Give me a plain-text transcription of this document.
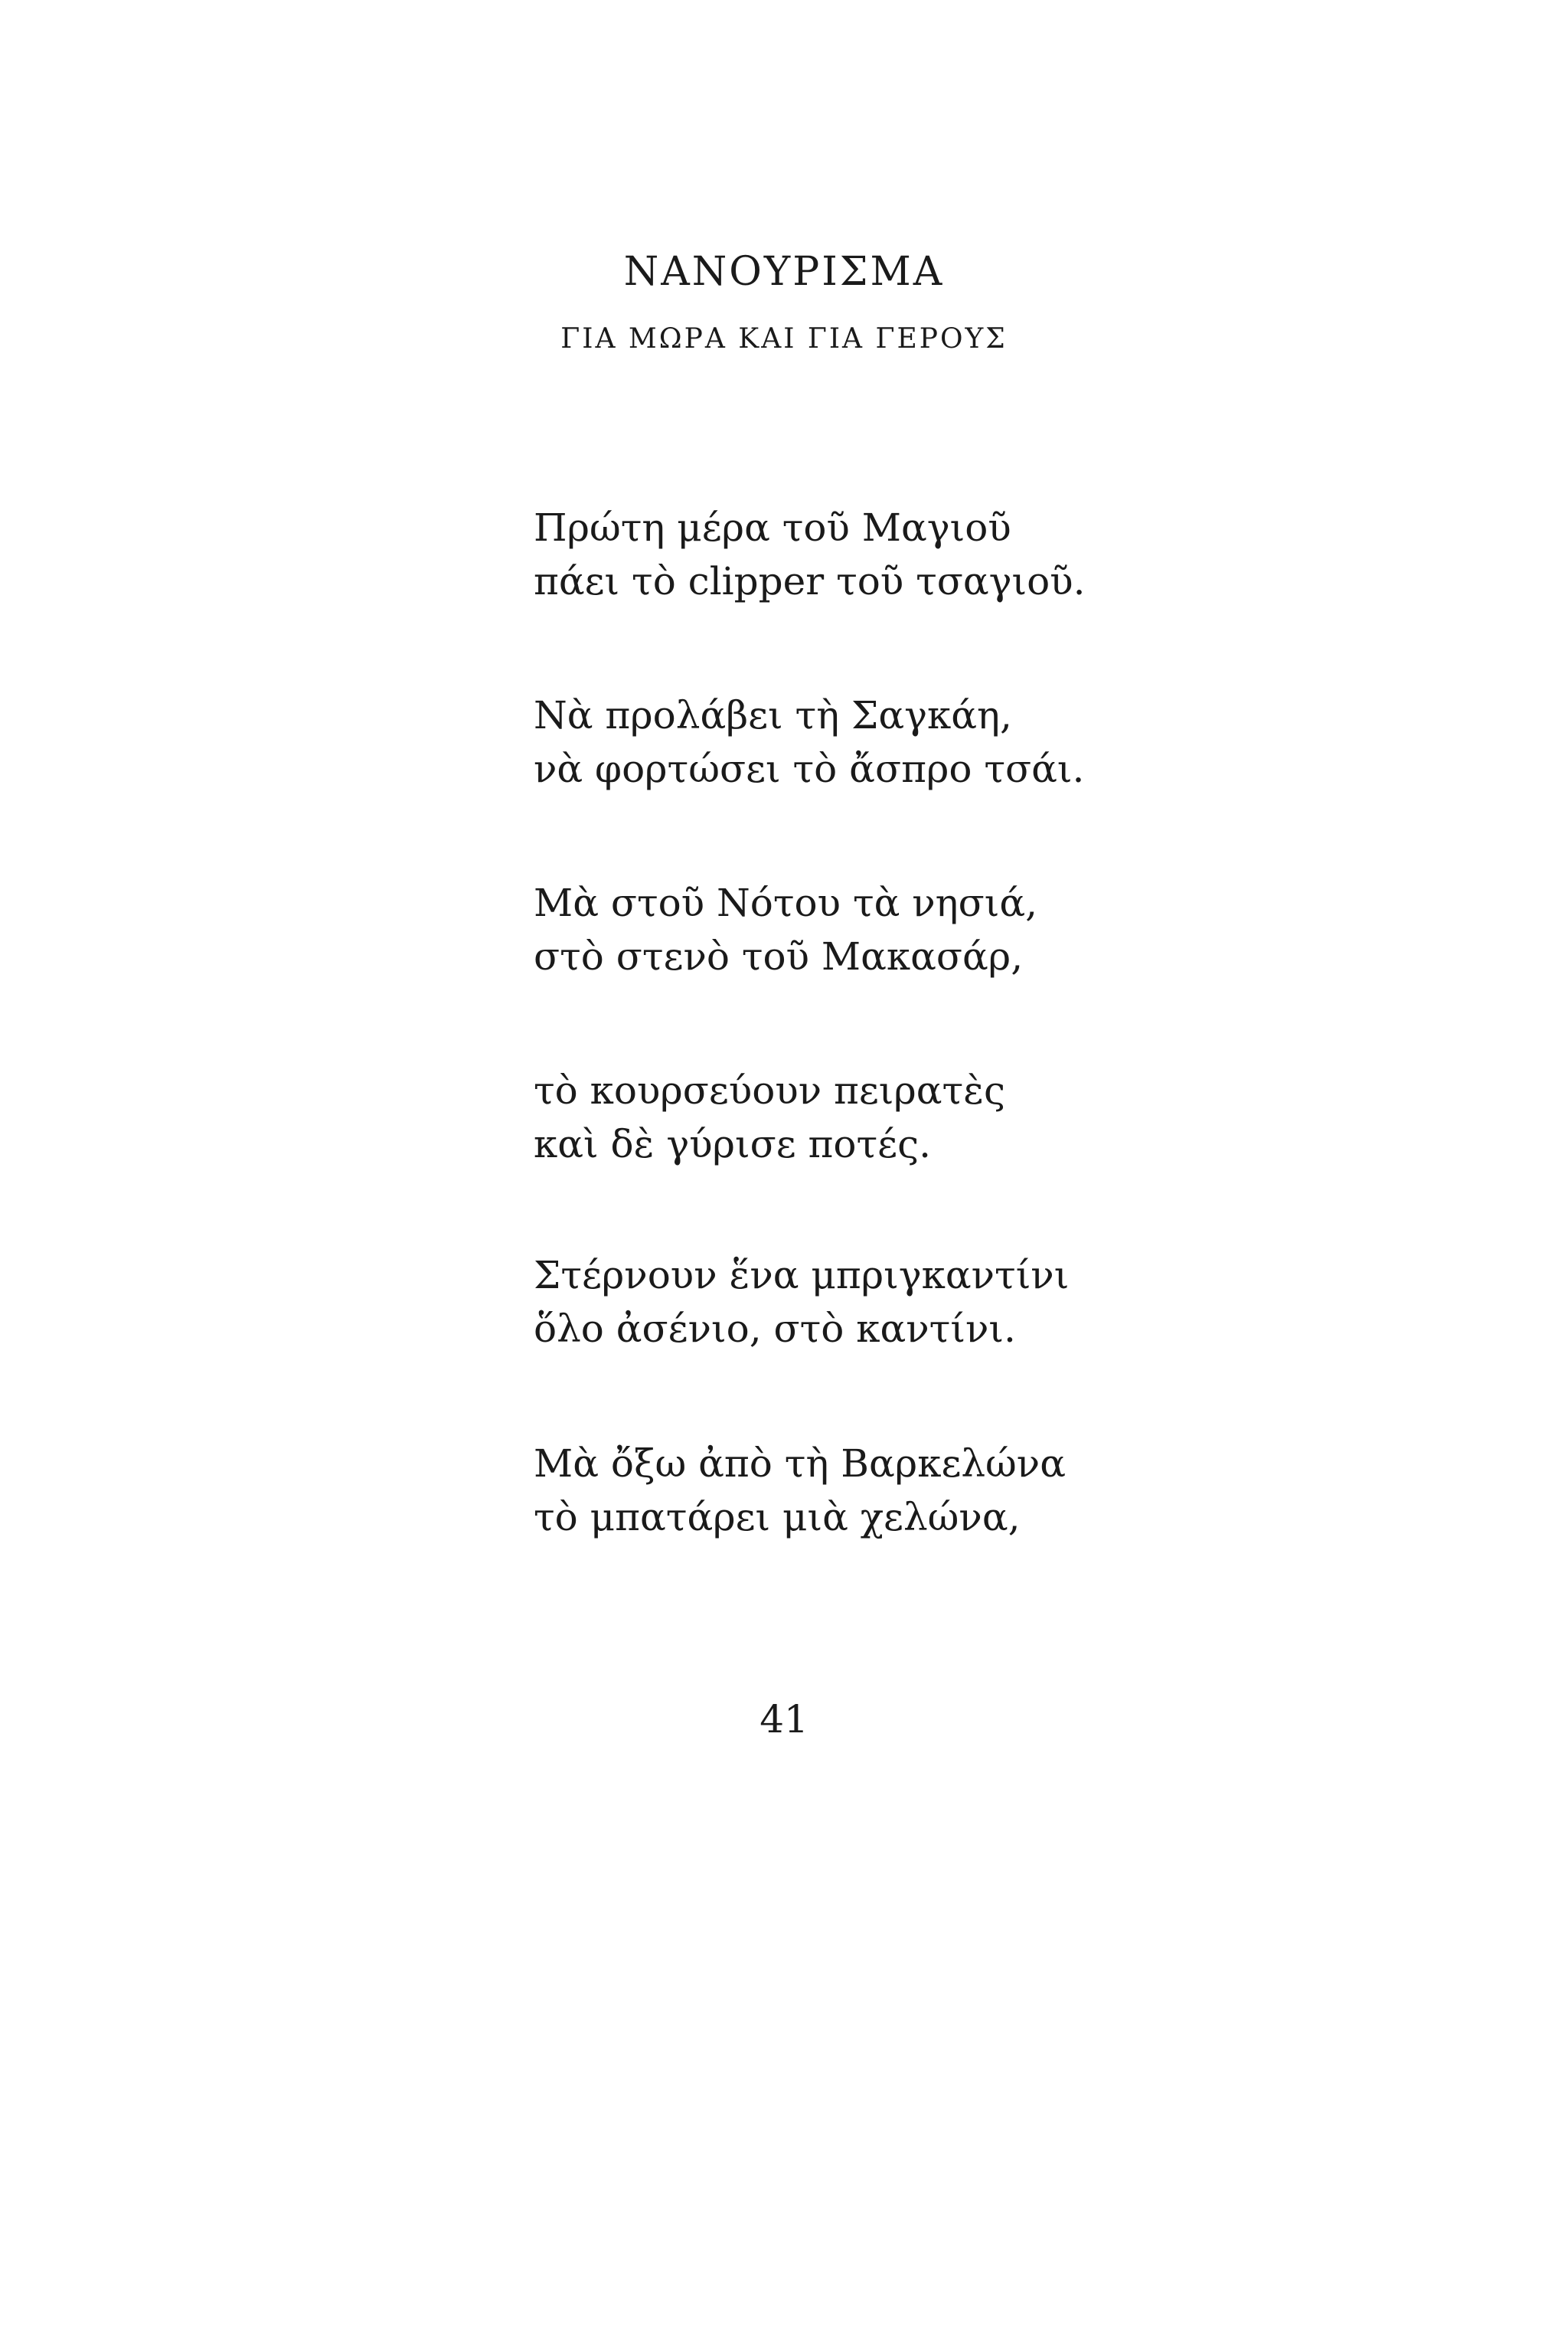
ΝΑΝΟΥΡΙΣΜΑ
ΓΙΑ ΜΩΡΑ ΚΑΙ ΓΙΑ ΓΕΡΟΥΣ
Πρώτη μέρα τοῦ Μαγιοῦ
πάει τὸ clipper τοῦ τσαγιοῦ.
Νὰ προλάβει τὴ Σαγκάη,
νὰ φορτώσει τὸ ἄσπρο τσάι.
Μὰ στοῦ Νότου τὰ νησιά,
στὸ στενὸ τοῦ Μακασάρ,
τὸ κουρσεύουν πειρατὲς
καὶ δὲ γύρισε ποτές.
Στέρνουν ἕνα μπριγκαντίνι
ὅλο ἀσένιο, στὸ καντίνι.
Μὰ ὄξω ἀπὸ τὴ Βαρκελώνα
τὸ μπατάρει μιὰ χελώνα,
41
